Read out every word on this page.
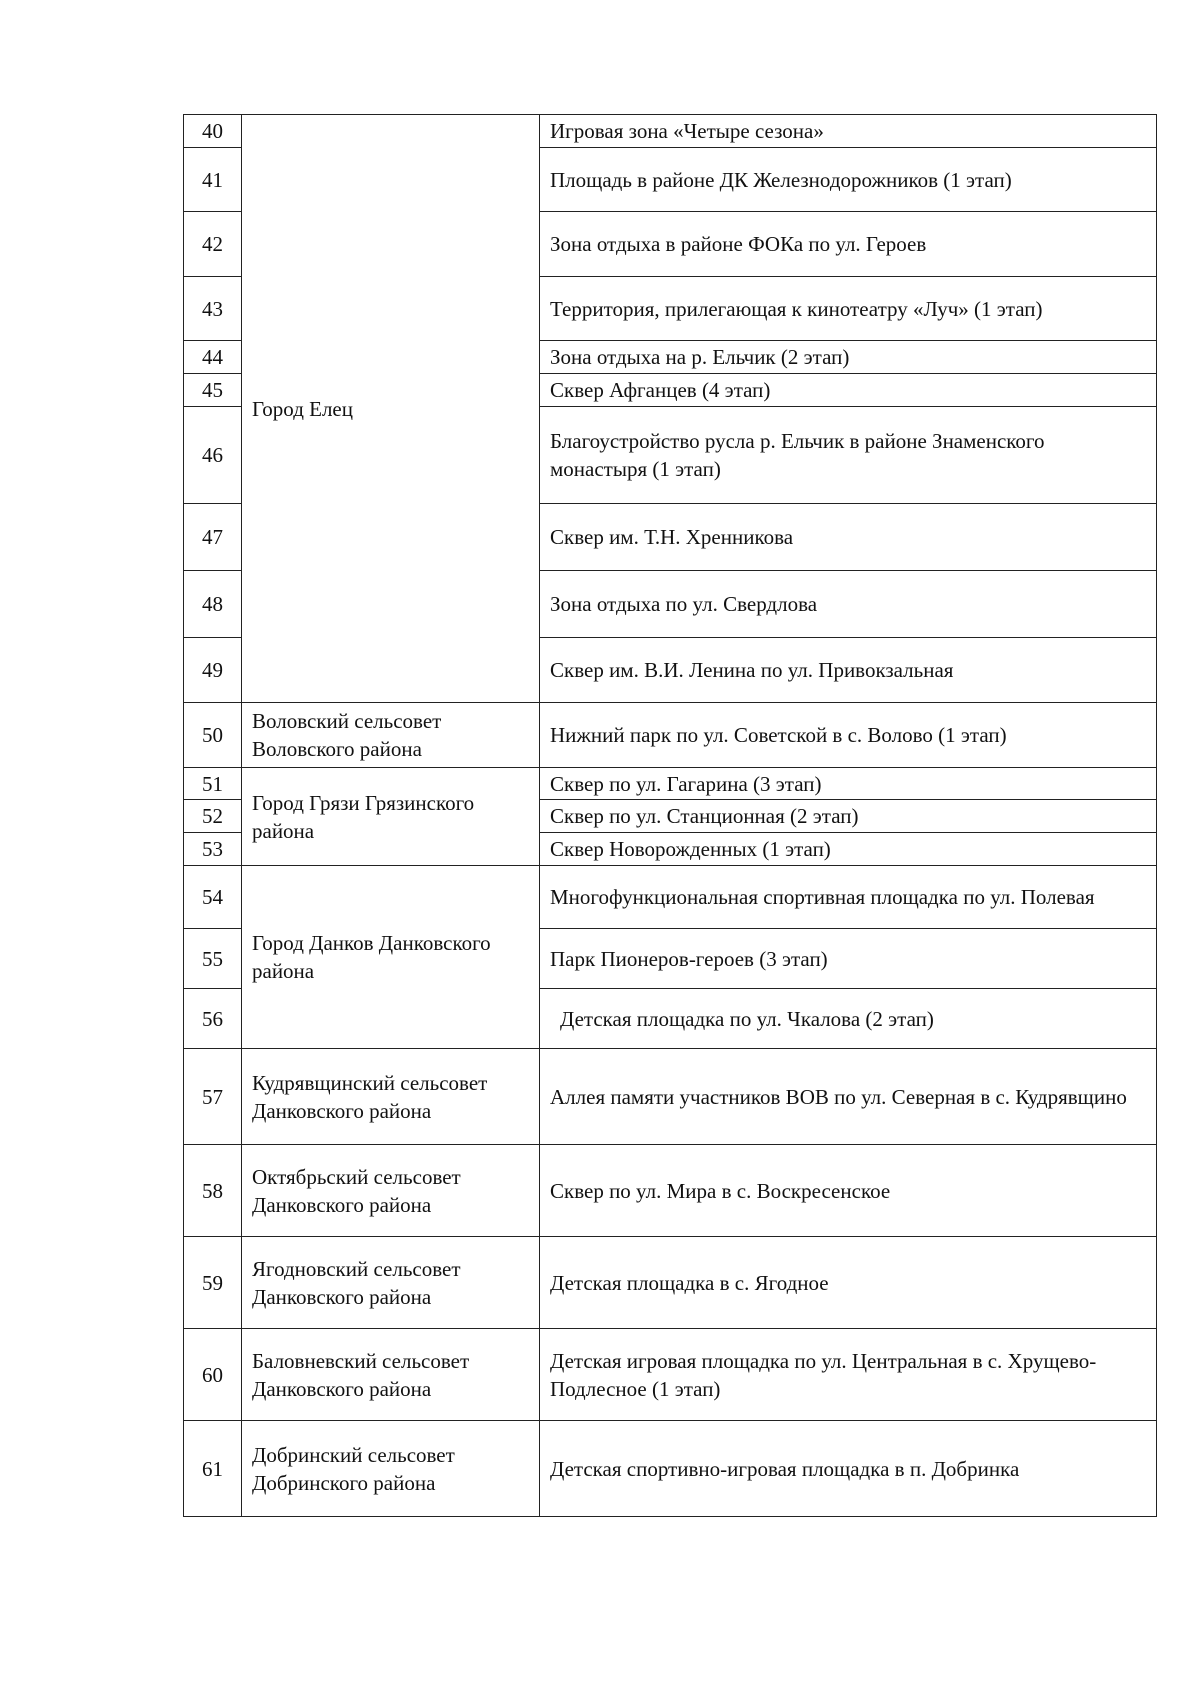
40	Город Елец	Игровая зона «Четыре сезона»
41		Площадь в районе ДК Железнодорожников (1 этап)
42		Зона отдыха в районе ФОКа по ул. Героев
43		Территория, прилегающая к кинотеатру «Луч» (1 этап)
44		Зона отдыха на р. Ельчик (2 этап)
45		Сквер Афганцев (4 этап)
46		Благоустройство русла р. Ельчик в районе Знаменского монастыря (1 этап)
47		Сквер им. Т.Н. Хренникова
48		Зона отдыха по ул. Свердлова
49		Сквер им. В.И. Ленина по ул. Привокзальная
50	Воловский сельсовет Воловского района	Нижний парк по ул. Советской в с. Волово (1 этап)
51	Город Грязи Грязинского района	Сквер по ул. Гагарина (3 этап)
52		Сквер по ул. Станционная (2 этап)
53		Сквер Новорожденных (1 этап)
54	Город Данков Данковского района	Многофункциональная спортивная площадка по ул. Полевая
55		Парк Пионеров-героев (3 этап)
56		Детская площадка по ул. Чкалова (2 этап)
57	Кудрявщинский сельсовет Данковского района	Аллея памяти участников ВОВ по ул. Северная в с. Кудрявщино
58	Октябрьский сельсовет Данковского района	Сквер по ул. Мира в с. Воскресенское
59	Ягодновский сельсовет Данковского района	Детская площадка в с. Ягодное
60	Баловневский сельсовет Данковского района	Детская игровая площадка по ул. Центральная в с. Хрущево-Подлесное (1 этап)
61	Добринский сельсовет Добринского района	Детская спортивно-игровая площадка в п. Добринка
